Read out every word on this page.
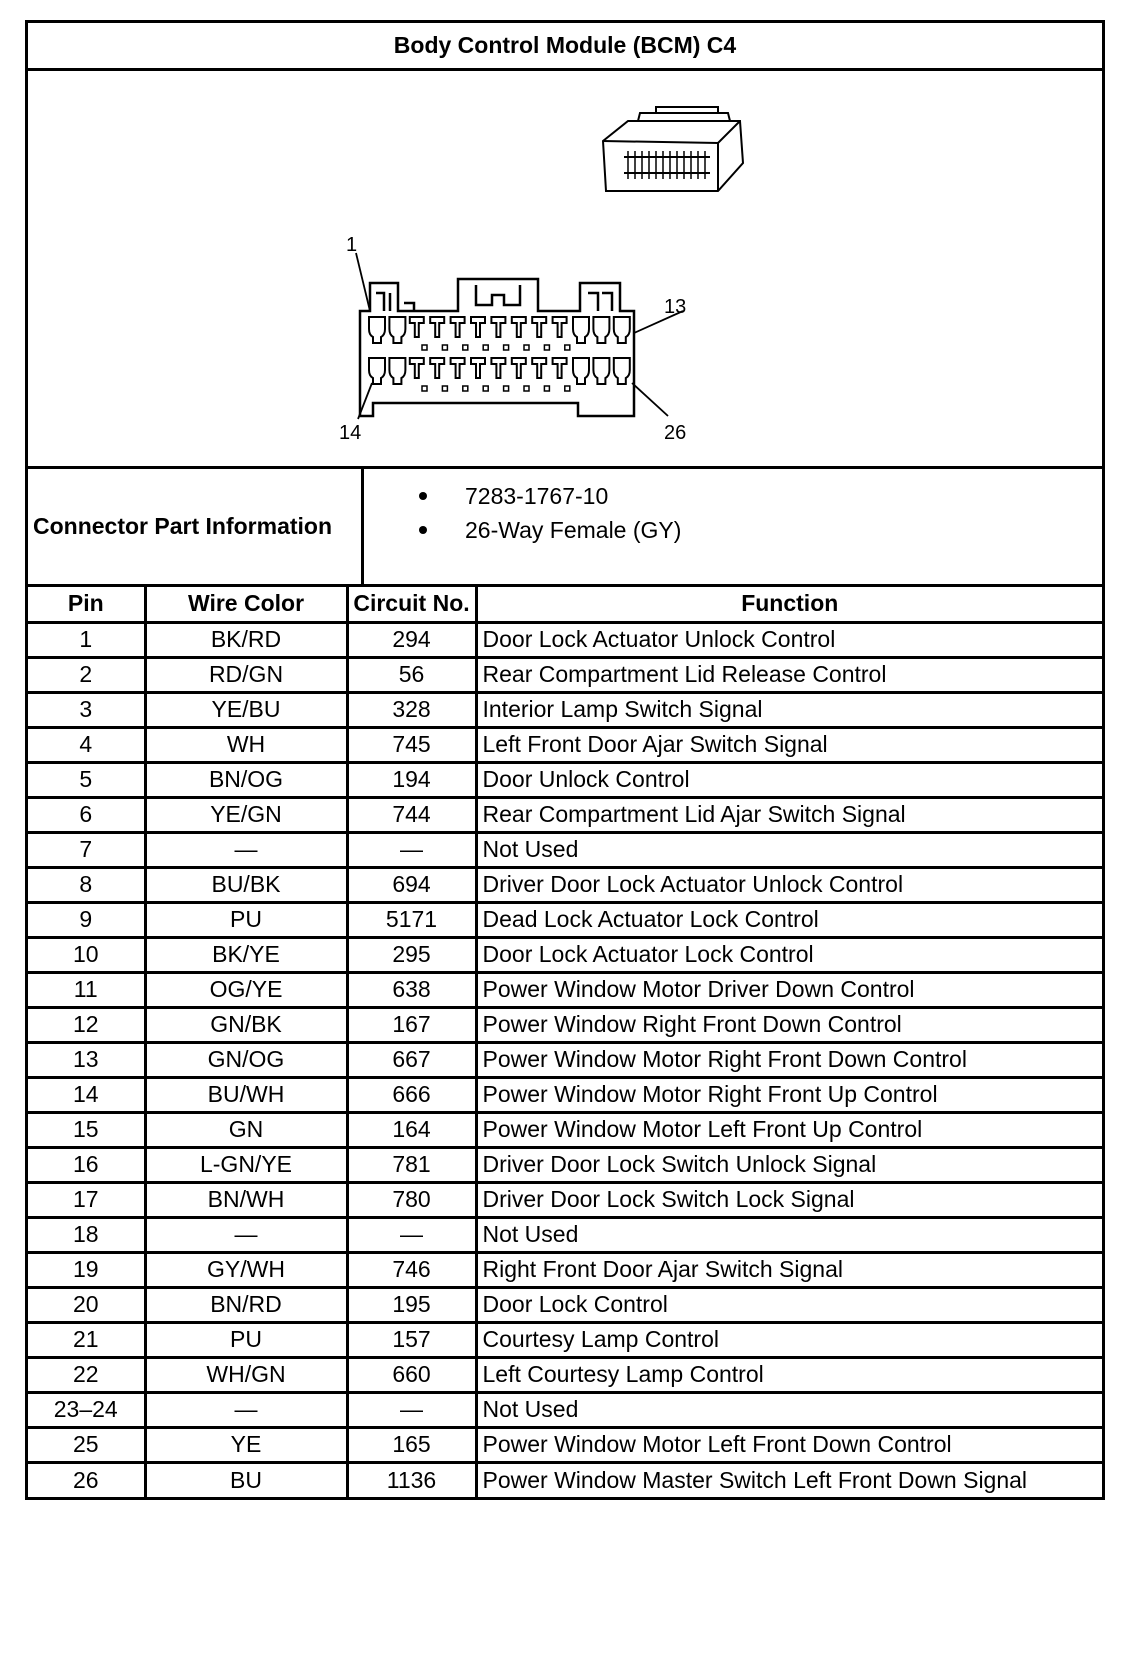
Body Control Module (BCM) C4
1
13
14	26
Connector Part Information
7283-1767-10
26-Way Female (GY)
Pin	Wire Color	Circuit No.	Function
1	BK/RD	294	Door Lock Actuator Unlock Control
2	RD/GN	56	Rear Compartment Lid Release Control
3	YE/BU	328	Interior Lamp Switch Signal
4	WH	745	Left Front Door Ajar Switch Signal
5	BN/OG	194	Door Unlock Control
6	YE/GN	744	Rear Compartment Lid Ajar Switch Signal
7	—	—	Not Used
8	BU/BK	694	Driver Door Lock Actuator Unlock Control
9	PU	5171	Dead Lock Actuator Lock Control
10	BK/YE	295	Door Lock Actuator Lock Control
11	OG/YE	638	Power Window Motor Driver Down Control
12	GN/BK	167	Power Window Right Front Down Control
13	GN/OG	667	Power Window Motor Right Front Down Control
14	BU/WH	666	Power Window Motor Right Front Up Control
15	GN	164	Power Window Motor Left Front Up Control
16	L-GN/YE	781	Driver Door Lock Switch Unlock Signal
17	BN/WH	780	Driver Door Lock Switch Lock Signal
18	—	—	Not Used
19	GY/WH	746	Right Front Door Ajar Switch Signal
20	BN/RD	195	Door Lock Control
21	PU	157	Courtesy Lamp Control
22	WH/GN	660	Left Courtesy Lamp Control
23–24	—	—	Not Used
25	YE	165	Power Window Motor Left Front Down Control
26	BU	1136	Power Window Master Switch Left Front Down Signal
